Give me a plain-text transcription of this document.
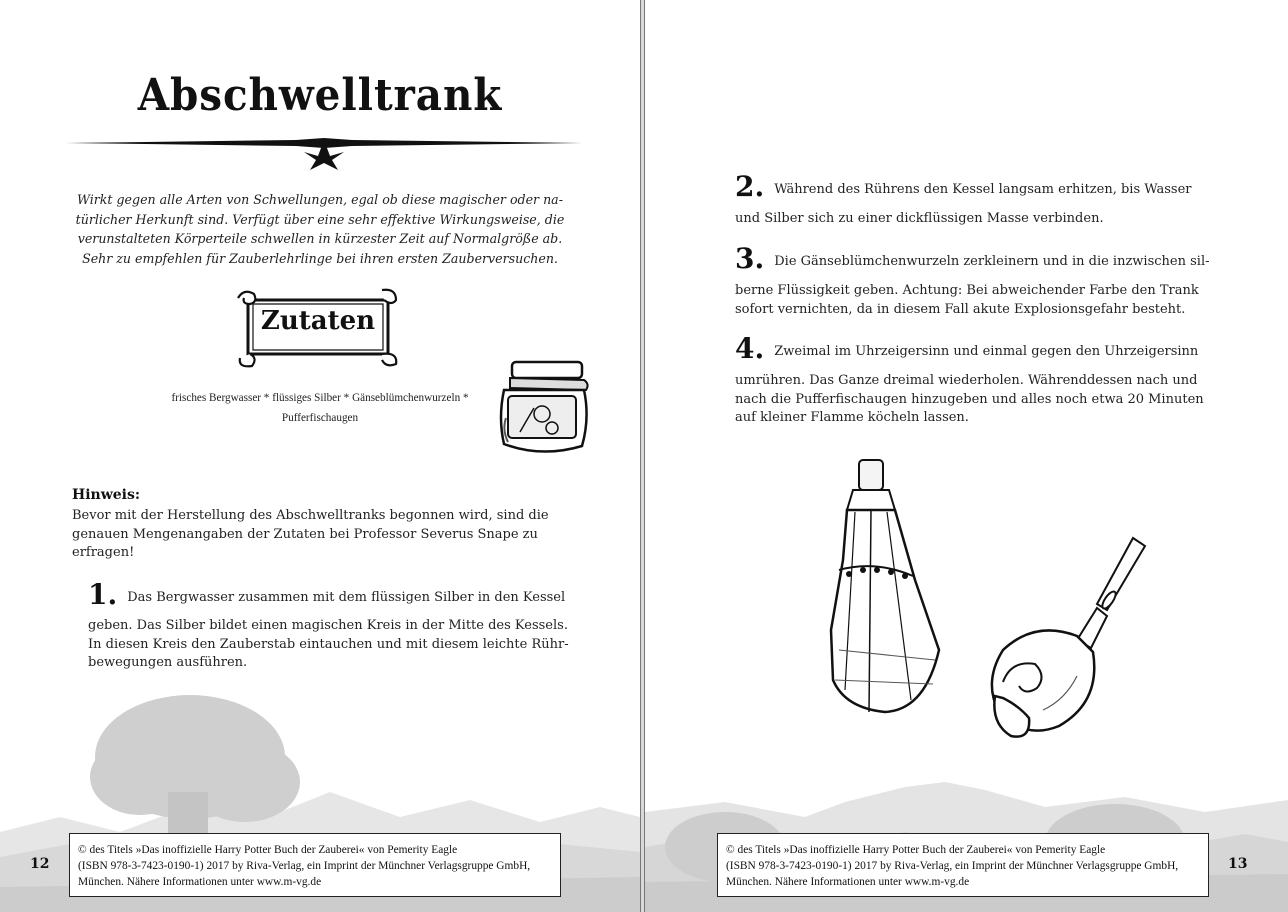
Abschwelltrank

Wirkt gegen alle Arten von Schwellungen, egal ob diese magischer oder na-

türlicher Herkunft sind. Verfügt über eine sehr effektive Wirkungsweise, die

verunstalteten Körperteile schwellen in kürzester Zeit auf Normalgröße ab.

Sehr zu empfehlen für Zauberlehrlinge bei ihren ersten Zauberversuchen.

Zutaten

frisches Bergwasser * flüssiges Silber * Gänseblümchenwurzeln *

Pufferfischaugen

Hinweis:
Bevor mit der Herstellung des Abschwelltranks begonnen wird, sind die
genauen Mengenangaben der Zutaten bei Professor Severus Snape zu
erfragen!

1. Das Bergwasser zusammen mit dem flüssigen Silber in den Kessel

geben. Das Silber bildet einen magischen Kreis in der Mitte des Kessels.

In diesen Kreis den Zauberstab eintauchen und mit diesem leichte Rühr-

bewegungen ausführen.

12

© des Titels »Das inoffizielle Harry Potter Buch der Zauberei« von Pemerity Eagle

(ISBN 978-3-7423-0190-1) 2017 by Riva-Verlag, ein Imprint der Münchner Verlagsgruppe GmbH,

München. Nähere Informationen unter www.m-vg.de

2. Während des Rührens den Kessel langsam erhitzen, bis Wasser

und Silber sich zu einer dickflüssigen Masse verbinden.

3. Die Gänseblümchenwurzeln zerkleinern und in die inzwischen sil-

berne Flüssigkeit geben. Achtung: Bei abweichender Farbe den Trank

sofort vernichten, da in diesem Fall akute Explosionsgefahr besteht.

4. Zweimal im Uhrzeigersinn und einmal gegen den Uhrzeigersinn

umrühren. Das Ganze dreimal wiederholen. Währenddessen nach und

nach die Pufferfischaugen hinzugeben und alles noch etwa 20 Minuten

auf kleiner Flamme köcheln lassen.

© des Titels »Das inoffizielle Harry Potter Buch der Zauberei« von Pemerity Eagle

(ISBN 978-3-7423-0190-1) 2017 by Riva-Verlag, ein Imprint der Münchner Verlagsgruppe GmbH,

München. Nähere Informationen unter www.m-vg.de

13
